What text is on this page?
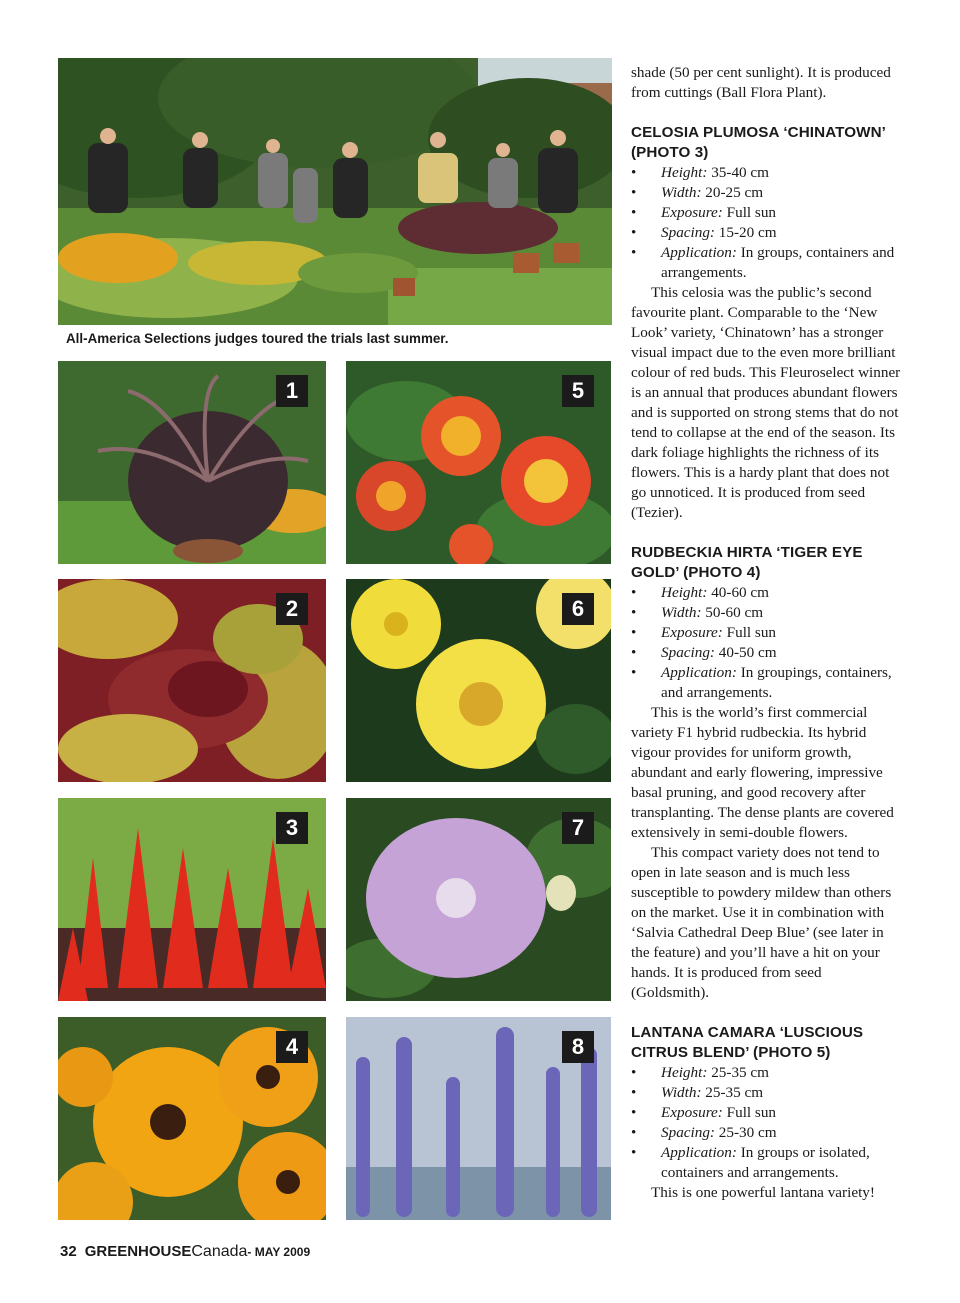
All-America Selections judges toured the trials last summer.
1	5
2	6
3	7
4	8

shade (50 per cent sunlight). It is produced from cuttings (Ball Flora Plant).

CELOSIA PLUMOSA ‘CHINATOWN’ (PHOTO 3)
• Height: 35-40 cm
• Width: 20-25 cm
• Exposure: Full sun
• Spacing: 15-20 cm
• Application: In groups, containers and arrangements.

This celosia was the public’s second favourite plant. Comparable to the ‘New Look’ variety, ‘Chinatown’ has a stronger visual impact due to the even more brilliant colour of red buds. This Fleuroselect winner is an annual that produces abundant flowers and is supported on strong stems that do not tend to collapse at the end of the season. Its dark foliage highlights the richness of its flowers. This is a hardy plant that does not go unnoticed. It is produced from seed (Tezier).

RUDBECKIA HIRTA ‘TIGER EYE GOLD’ (PHOTO 4)
• Height: 40-60 cm
• Width: 50-60 cm
• Exposure: Full sun
• Spacing: 40-50 cm
• Application: In groupings, containers, and arrangements.

This is the world’s first commercial variety F1 hybrid rudbeckia. Its hybrid vigour provides for uniform growth, abundant and early flowering, impressive basal pruning, and good recovery after transplanting. The dense plants are covered extensively in semi-double flowers.

This compact variety does not tend to open in late season and is much less susceptible to powdery mildew than others on the market. Use it in combination with ‘Salvia Cathedral Deep Blue’ (see later in the feature) and you’ll have a hit on your hands. It is produced from seed (Goldsmith).

LANTANA CAMARA ‘LUSCIOUS CITRUS BLEND’ (PHOTO 5)
• Height: 25-35 cm
• Width: 25-35 cm
• Exposure: Full sun
• Spacing: 25-30 cm
• Application: In groups or isolated, containers and arrangements.

This is one powerful lantana variety!

32 GREENHOUSECanada- MAY 2009
